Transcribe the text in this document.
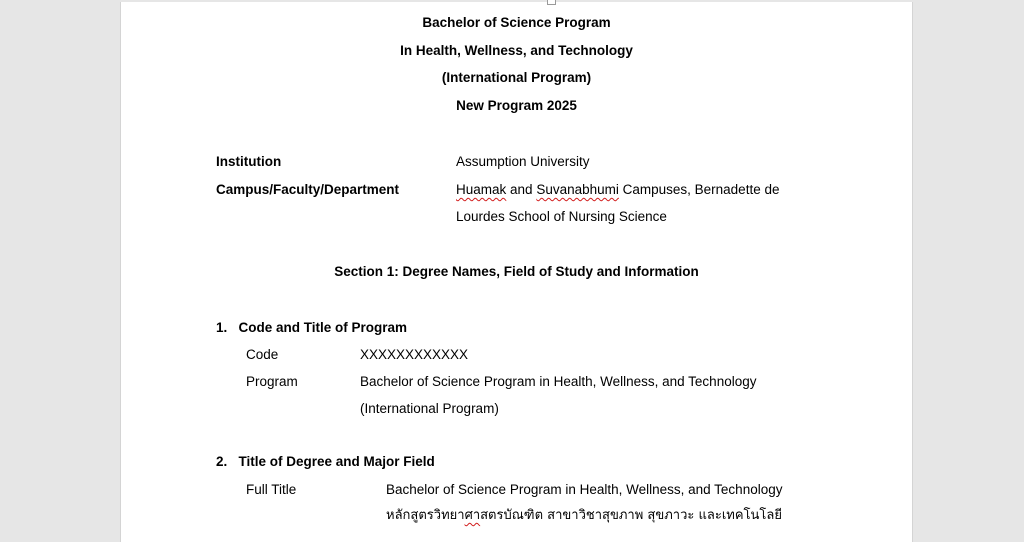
Bachelor of Science Program
In Health, Wellness, and Technology
(International Program)
New Program 2025
Institution	Assumption University
Campus/Faculty/Department	Huamak and Suvanabhumi Campuses, Bernadette de
Lourdes School of Nursing Science
Section 1: Degree Names, Field of Study and Information
1.   Code and Title of Program
Code	XXXXXXXXXXXX
Program	Bachelor of Science Program in Health, Wellness, and Technology
(International Program)
2.   Title of Degree and Major Field
Full Title	Bachelor of Science Program in Health, Wellness, and Technology
หลักสูตรวิทยาศาสตรบัณฑิต สาขาวิชาสุขภาพ สุขภาวะ และเทคโนโลยี
